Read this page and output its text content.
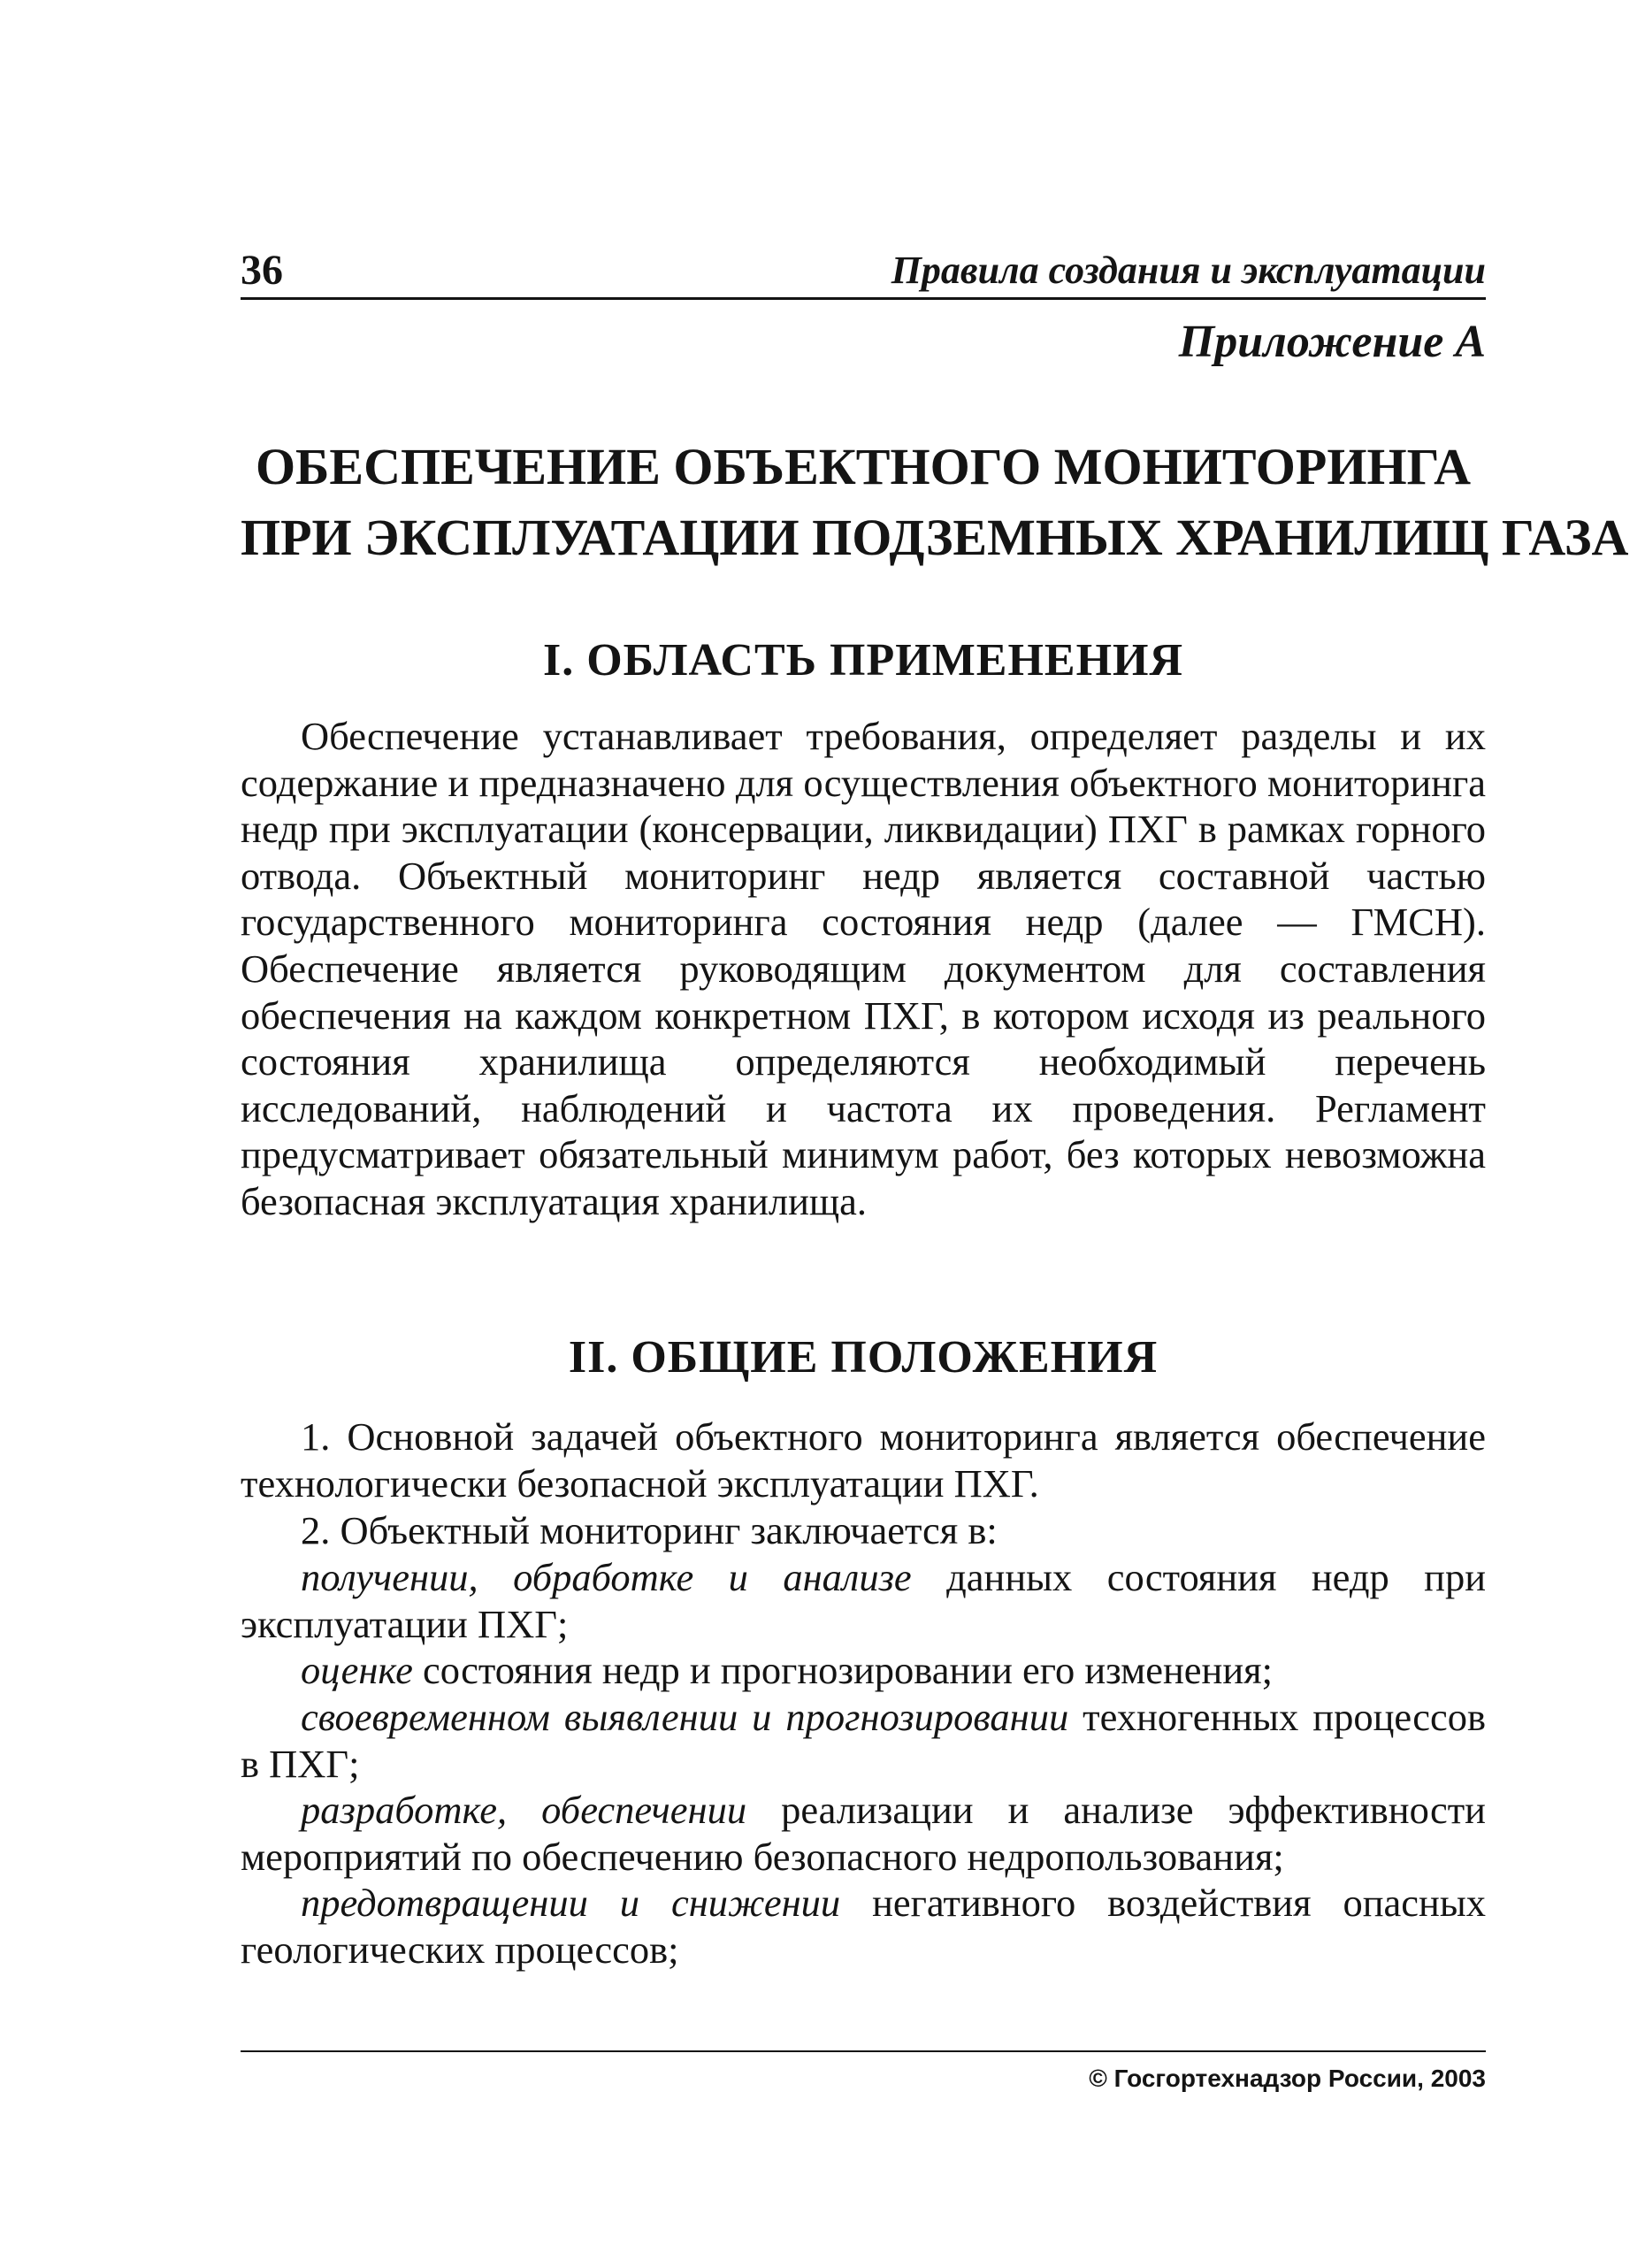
36	Правила создания и эксплуатации
Приложение А
ОБЕСПЕЧЕНИЕ ОБЪЕКТНОГО МОНИТОРИНГА
ПРИ ЭКСПЛУАТАЦИИ ПОДЗЕМНЫХ ХРАНИЛИЩ ГАЗА
I. ОБЛАСТЬ ПРИМЕНЕНИЯ

Обеспечение устанавливает требования, определяет разделы и их содержание и предназначено для осуществления объектного мониторинга недр при эксплуатации (консервации, ликвидации) ПХГ в рамках горного отвода. Объектный мониторинг недр является составной частью государственного мониторинга состояния недр (далее — ГМСН). Обеспечение является руководящим документом для составления обеспечения на каждом конкретном ПХГ, в котором исходя из реального состояния хранилища определяются необходимый перечень исследований, наблюдений и частота их проведения. Регламент предусматривает обязательный минимум работ, без которых невозможна безопасная эксплуатация хранилища.

II. ОБЩИЕ ПОЛОЖЕНИЯ

1. Основной задачей объектного мониторинга является обеспечение технологически безопасной эксплуатации ПХГ.

2. Объектный мониторинг заключается в:

получении, обработке и анализе данных состояния недр при эксплуатации ПХГ;

оценке состояния недр и прогнозировании его изменения;

своевременном выявлении и прогнозировании техногенных процессов в ПХГ;

разработке, обеспечении реализации и анализе эффективности мероприятий по обеспечению безопасного недропользования;

предотвращении и снижении негативного воздействия опасных геологических процессов;

© Госгортехнадзор России, 2003
